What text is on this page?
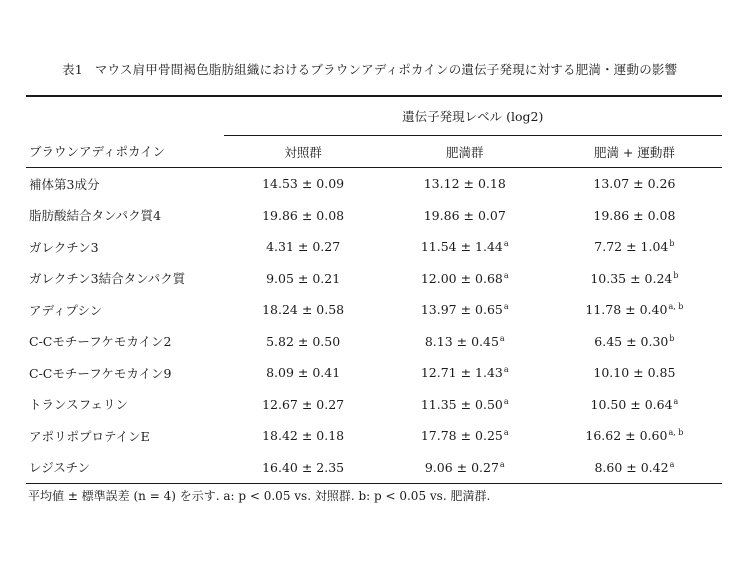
表1 マウス肩甲骨間褐色脂肪組織におけるブラウンアディポカインの遺伝子発現に対する肥満・運動の影響
	遺伝子発現レベル (log2)		
ブラウンアディポカイン	対照群	肥満群	肥満 + 運動群
補体第3成分	14.53 ± 0.09	13.12 ± 0.18	13.07 ± 0.26
脂肪酸結合タンパク質4	19.86 ± 0.08	19.86 ± 0.07	19.86 ± 0.08
ガレクチン3	4.31 ± 0.27	11.54 ± 1.44$^a$	7.72 ± 1.04$^b$
ガレクチン3結合タンパク質	9.05 ± 0.21	12.00 ± 0.68$^a$	10.35 ± 0.24$^b$
アディプシン	18.24 ± 0.58	13.97 ± 0.65$^a$	$11.78 \pm 0.40^{a, b}$
C-Cモチーフケモカイン2	5.82 ± 0.50	8.13 ± 0.45$^a$	6.45 ± 0.30$^b$
C-Cモチーフケモカイン9	8.09 ± 0.41	12.71 ± 1.43$^a$	10.10 ± 0.85
トランスフェリン	12.67 ± 0.27	11.35 ± 0.50$^a$	10.50 ± 0.64$^a$
アポリポプロテインE	18.42 ± 0.18	17.78 ± 0.25$^a$	$16.62 \pm 0.60^{a, b}$
レジスチン	16.40 ± 2.35	9.06 ± 0.27$^a$	8.60 ± 0.42$^a$
平均値 ± 標準誤差 (n = 4) を示す. a: p < 0.05 vs. 対照群. b: p < 0.05 vs. 肥満群.
